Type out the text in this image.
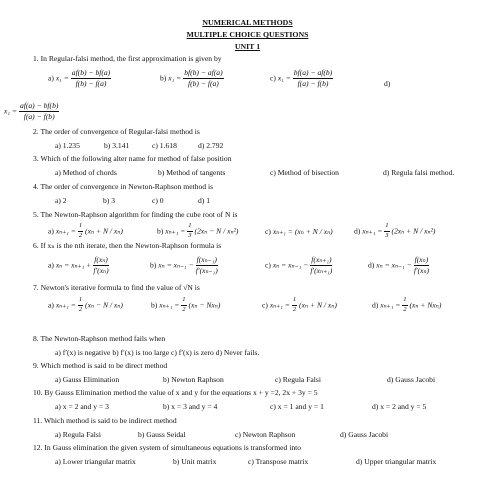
NUMERICAL METHODS
MULTIPLE CHOICE QUESTIONS
UNIT 1
1. In Regular-falsi method, the first approximation is given by
a) $x_1 = \frac{af(b) - bf(a)}{f(b) - f(a)}$	b) $x_1 = \frac{bf(b) - af(a)}{f(b) - f(a)}$	c) $x_1 = \frac{bf(a) - af(b)}{f(a) - f(b)}$	d)
$x_1 = \frac{af(a) - bf(b)}{f(a) - f(b)}$
2. The order of convergence of Regular-falsi method is
a) 1.235	b) 3.141	c) 1.618	d) 2.792
3. Which of the following alter name for method of false position
a) Method of chords	b) Method of tangents	c) Method of bisection	d) Regula falsi method.
4. The order of convergence in Newton-Raphson method is
a) 2	b) 3	c) 0	d) 1
5. The Newton-Raphson algorithm for finding the cube root of N is
a) $x_{n+1} = \frac{1}{2} (x_n + N / x_n)$	b) $x_{n+1} = \frac{1}{3} (2x_n - N / x_n^2)$	c) xₙ₊₁ = (xₙ + N / xₙ)	d) $x_{n+1} = \frac{1}{3} (2x_n + N / x_n^2)$
6. If xₙ is the nth iterate, then the Newton-Raphson formula is
a) $x_n = x_{n+1} + \frac{\text{f(xₙ)}}{\text{f′(xₙ)}}$	b) $x_n = x_{n-1} - \frac{\text{f(xₙ₋₁)}}{\text{f′(xₙ₋₁)}}$	c) $x_n = x_{n-1} - \frac{\text{f(xₙ₊₁)}}{\text{f′(xₙ₊₁)}}$	d) $x_n = x_{n-1} - \frac{\text{f(xₙ)}}{\text{f′(xₙ)}}$
7. Newton's iterative formula to find the value of √N is
a) $x_{n+1} = \frac{1}{2} (x_n - N / x_n)$	b) $x_{n+1} = \frac{1}{2} (x_n - Nx_n)$	c) $x_{n+1} = \frac{1}{2} (x_n + N / x_n)$	d) $x_{n+1} = \frac{1}{2} (x_n + Nx_n)$
8. The Newton-Raphson method fails when
a) f′(x) is negative b) f′(x) is too large c) f′(x) is zero d) Never fails.
9. Which method is said to be direct method
a) Gauss Elimination	b) Newton Raphson	c) Regula Falsi	d) Gauss Jacobi
10. By Gauss Elimination method the value of x and y for the equations x + y =2, 2x + 3y = 5
a) x = 2 and y = 3	b) x = 3 and y = 4	c) x = 1 and y = 1	d) x = 2 and y = 5
11. Which method is said to be indirect method
a) Regula Falsi	b) Gauss Seidal	c) Newton Raphson	d) Gauss Jacobi
12. In Gauss elimination the given system of simultaneous equations is transformed into
a) Lower triangular matrix	b) Unit matrix	c) Transpose matrix	d) Upper triangular matrix
